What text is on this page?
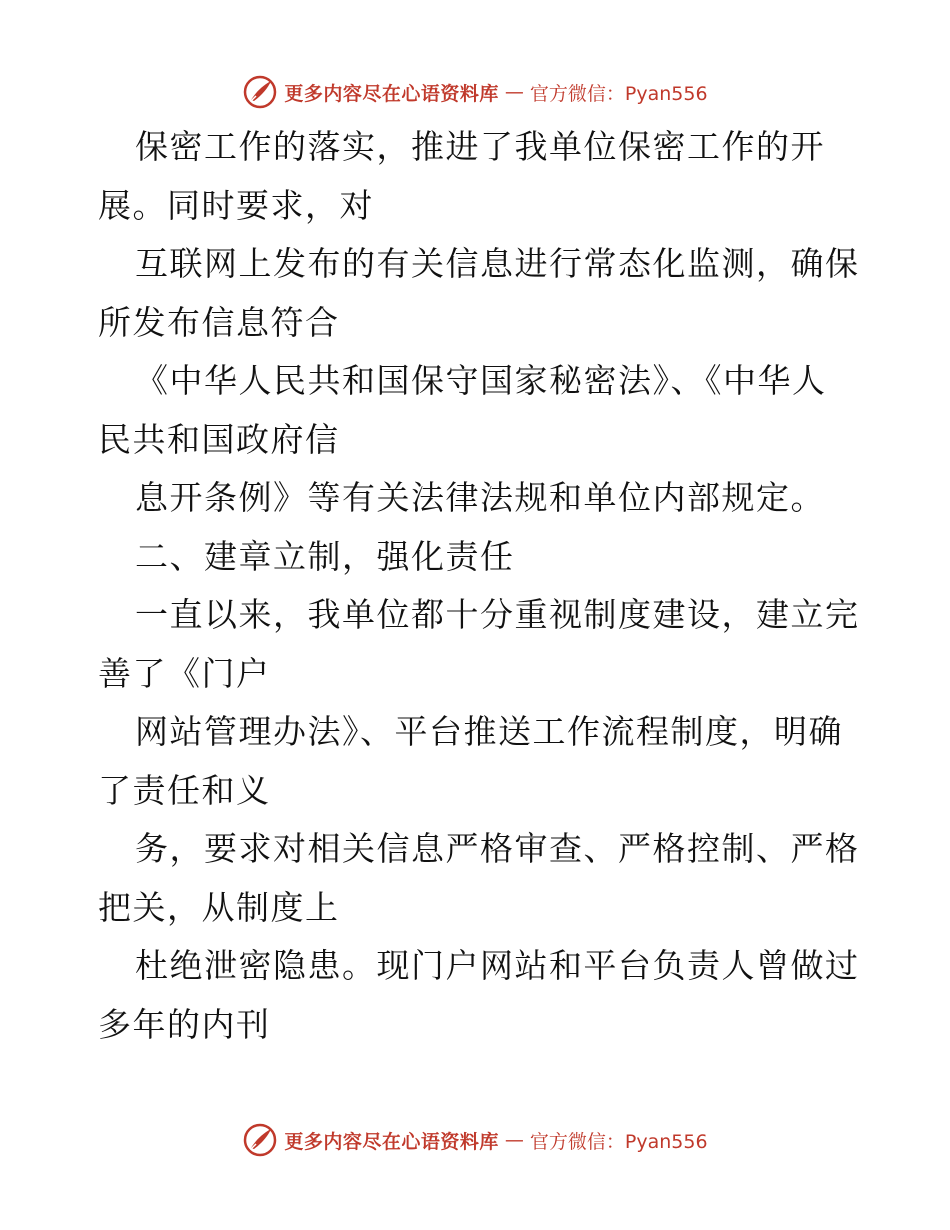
更多内容尽在心语资料库 — 官方微信：Pyan556
保密工作的落实，推进了我单位保密工作的开
展。同时要求，对
互联网上发布的有关信息进行常态化监测，确保
所发布信息符合
《中华人民共和国保守国家秘密法》、《中华人
民共和国政府信
息开条例》等有关法律法规和单位内部规定。
二、建章立制，强化责任
一直以来，我单位都十分重视制度建设，建立完
善了《门户
网站管理办法》、平台推送工作流程制度，明确
了责任和义
务，要求对相关信息严格审查、严格控制、严格
把关，从制度上
杜绝泄密隐患。现门户网站和平台负责人曾做过
多年的内刊
更多内容尽在心语资料库 — 官方微信：Pyan556
